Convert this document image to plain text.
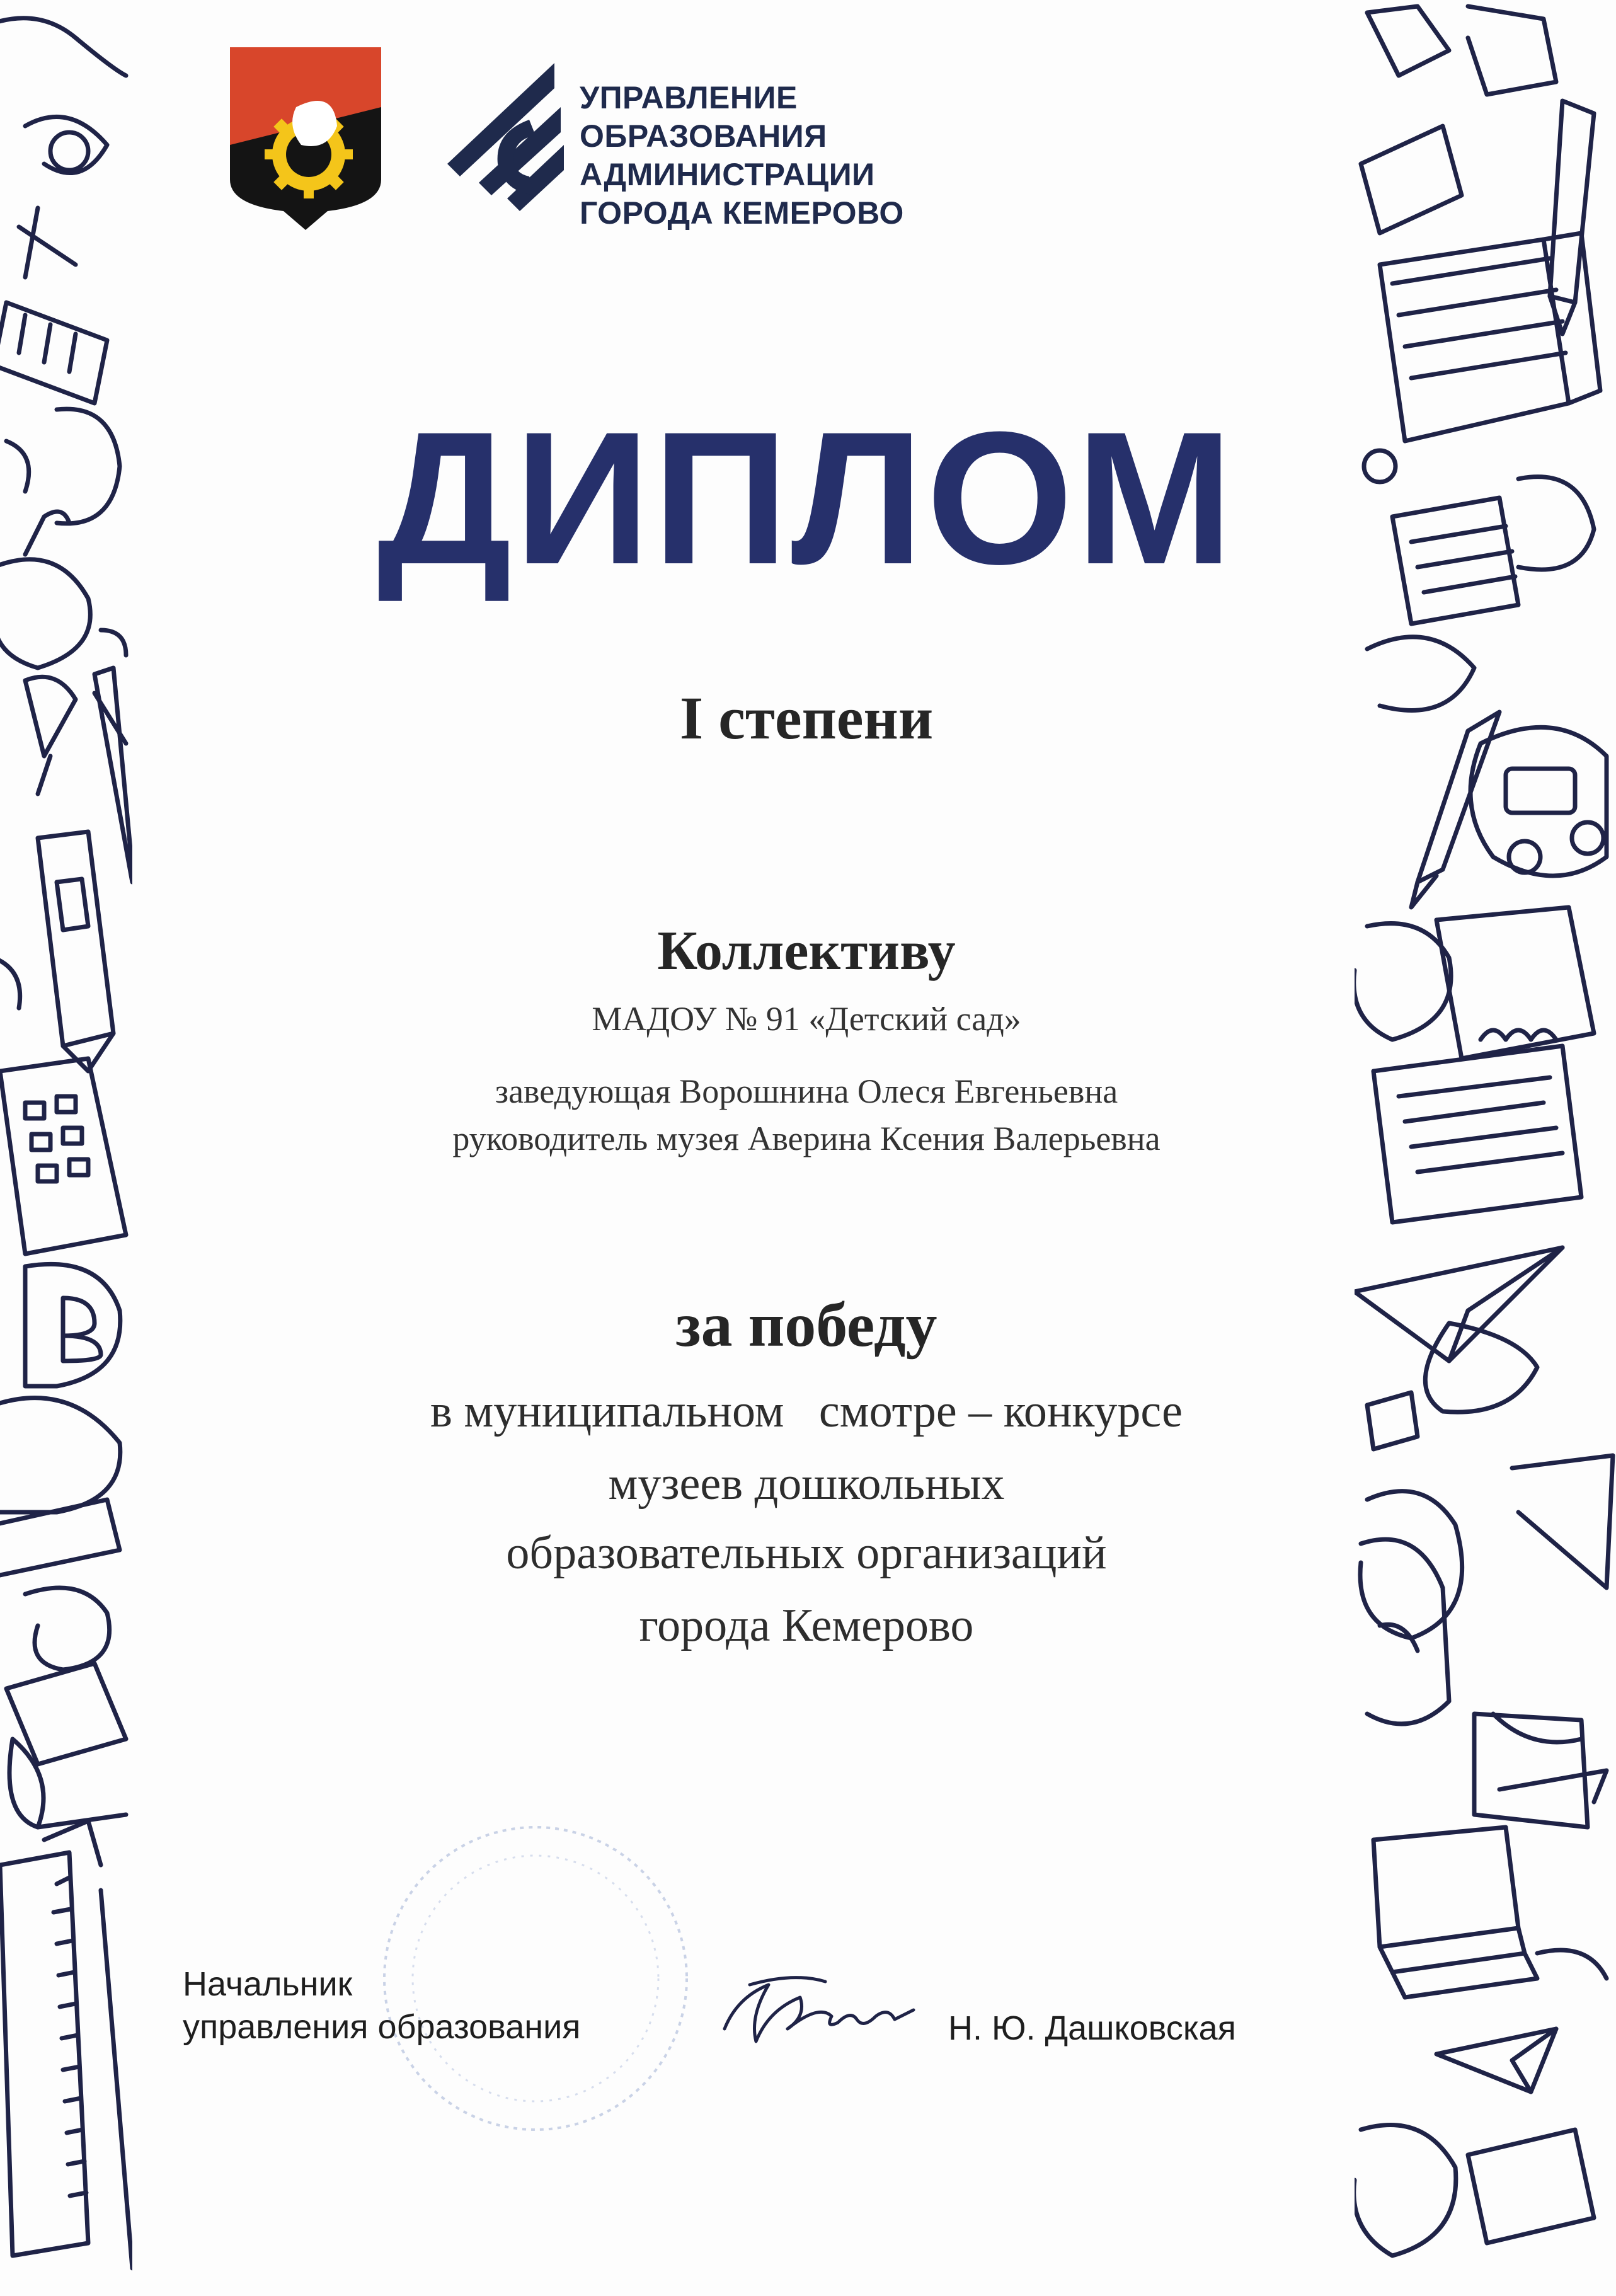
УПРАВЛЕНИЕ
ОБРАЗОВАНИЯ
АДМИНИСТРАЦИИ
ГОРОДА КЕМЕРОВО
ДИПЛОМ
I степени
Коллективу
МАДОУ № 91 «Детский сад»
заведующая Ворошнина Олеся Евгеньевна
руководитель музея Аверина Ксения Валерьевна
за победу
в муниципальном   смотре – конкурсе
музеев дошкольных
образовательных организаций
города Кемерово
Начальник
управления образования	Н. Ю. Дашковская
